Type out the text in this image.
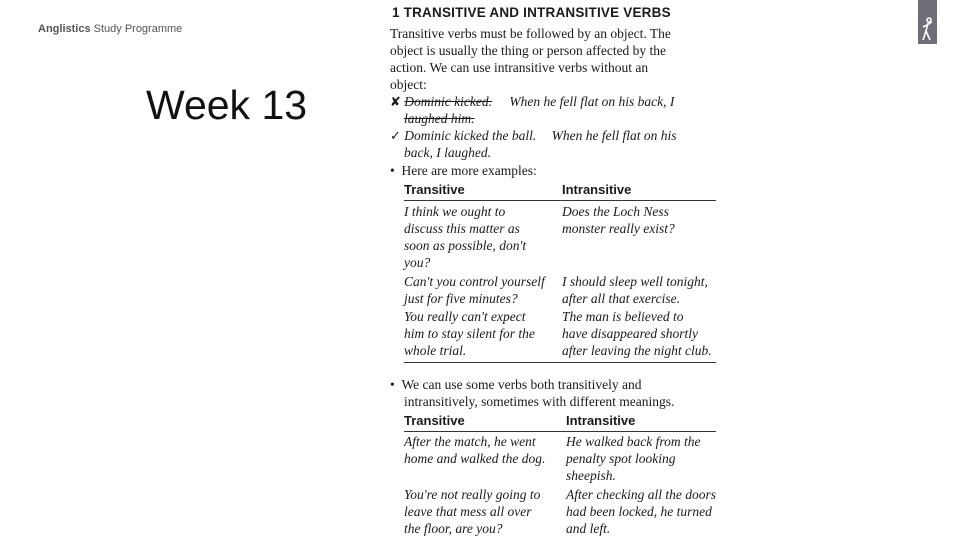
Anglistics Study Programme
Week 13
1 TRANSITIVE AND INTRANSITIVE VERBS
Transitive verbs must be followed by an object. The
object is usually the thing or person affected by the
action. We can use intransitive verbs without an
object:
✘ Dominic kicked. When he fell flat on his back, I
laughed him.
✓ Dominic kicked the ball. When he fell flat on his
back, I laughed.
•  Here are more examples:
Transitive	Intransitive
I think we ought to
discuss this matter as
soon as possible, don't
you?
Can't you control yourself
just for five minutes?
You really can't expect
him to stay silent for the
whole trial.
Does the Loch Ness
monster really exist?
I should sleep well tonight,
after all that exercise.
The man is believed to
have disappeared shortly
after leaving the night club.
•  We can use some verbs both transitively and
intransitively, sometimes with different meanings.
Transitive	Intransitive
After the match, he went
home and walked the dog.
You're not really going to
leave that mess all over
the floor, are you?
He walked back from the
penalty spot looking
sheepish.
After checking all the doors
had been locked, he turned
and left.
